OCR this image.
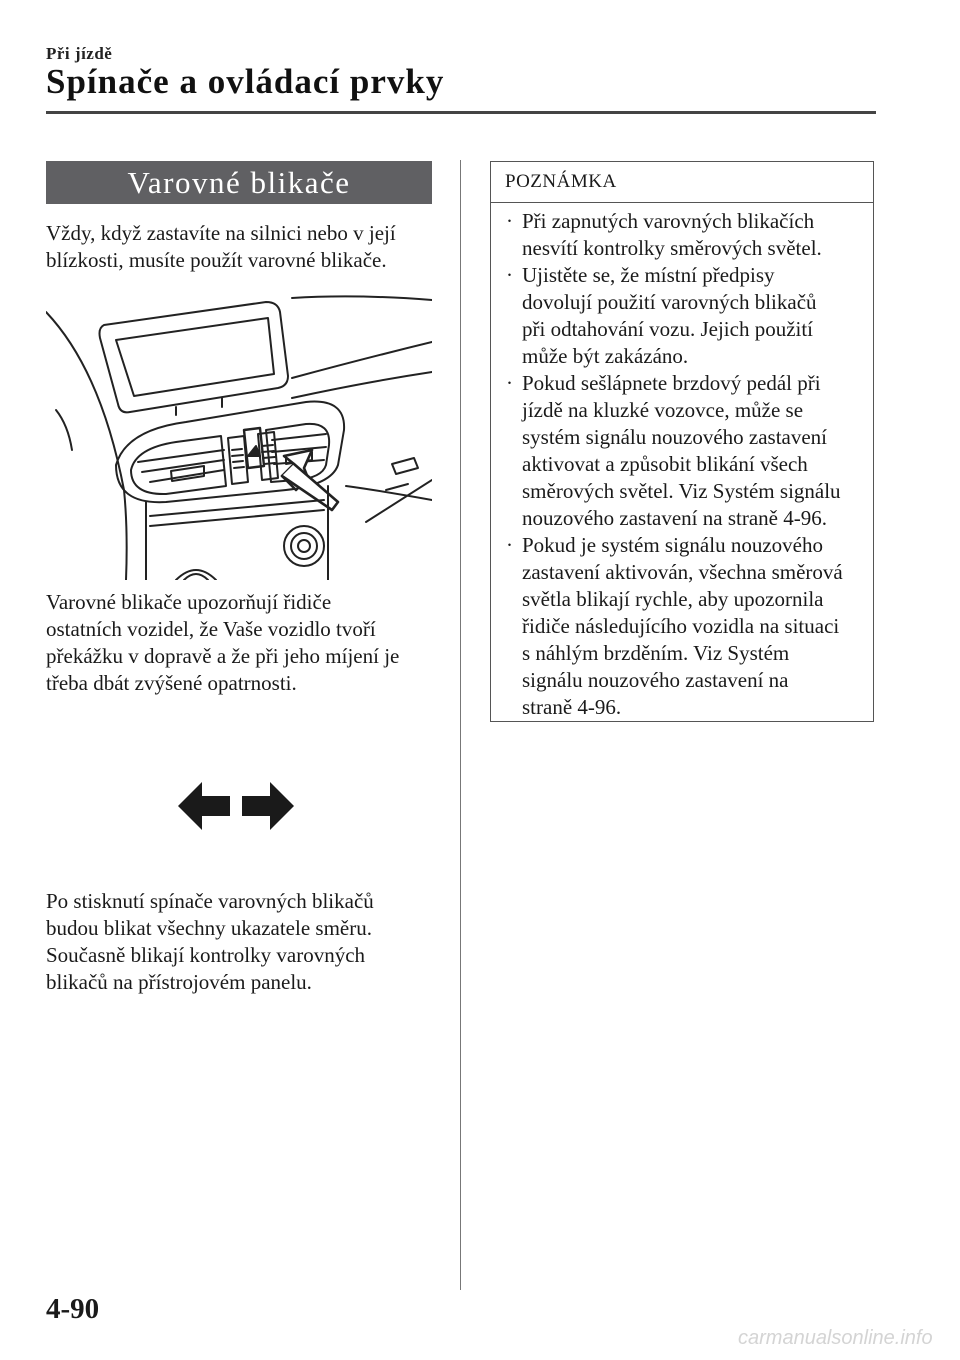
Při jízdě
Spínače a ovládací prvky
Varovné blikače

Vždy, když zastavíte na silnici nebo v její
blízkosti, musíte použít varovné blikače.

Varovné blikače upozorňují řidiče
ostatních vozidel, že Vaše vozidlo tvoří
překážku v dopravě a že při jeho míjení je
třeba dbát zvýšené opatrnosti.

Po stisknutí spínače varovných blikačů
budou blikat všechny ukazatele směru.
Současně blikají kontrolky varovných
blikačů na přístrojovém panelu.

POZNÁMKA
· Při zapnutých varovných blikačích
nesvítí kontrolky směrových světel.
· Ujistěte se, že místní předpisy
dovolují použití varovných blikačů
při odtahování vozu. Jejich použití
může být zakázáno.
· Pokud sešlápnete brzdový pedál při
jízdě na kluzké vozovce, může se
systém signálu nouzového zastavení
aktivovat a způsobit blikání všech
směrových světel. Viz Systém signálu
nouzového zastavení na straně 4-96.
· Pokud je systém signálu nouzového
zastavení aktivován, všechna směrová
světla blikají rychle, aby upozornila
řidiče následujícího vozidla na situaci
s náhlým brzděním. Viz Systém
signálu nouzového zastavení na
straně 4-96.
4-90
carmanualsonline.info
